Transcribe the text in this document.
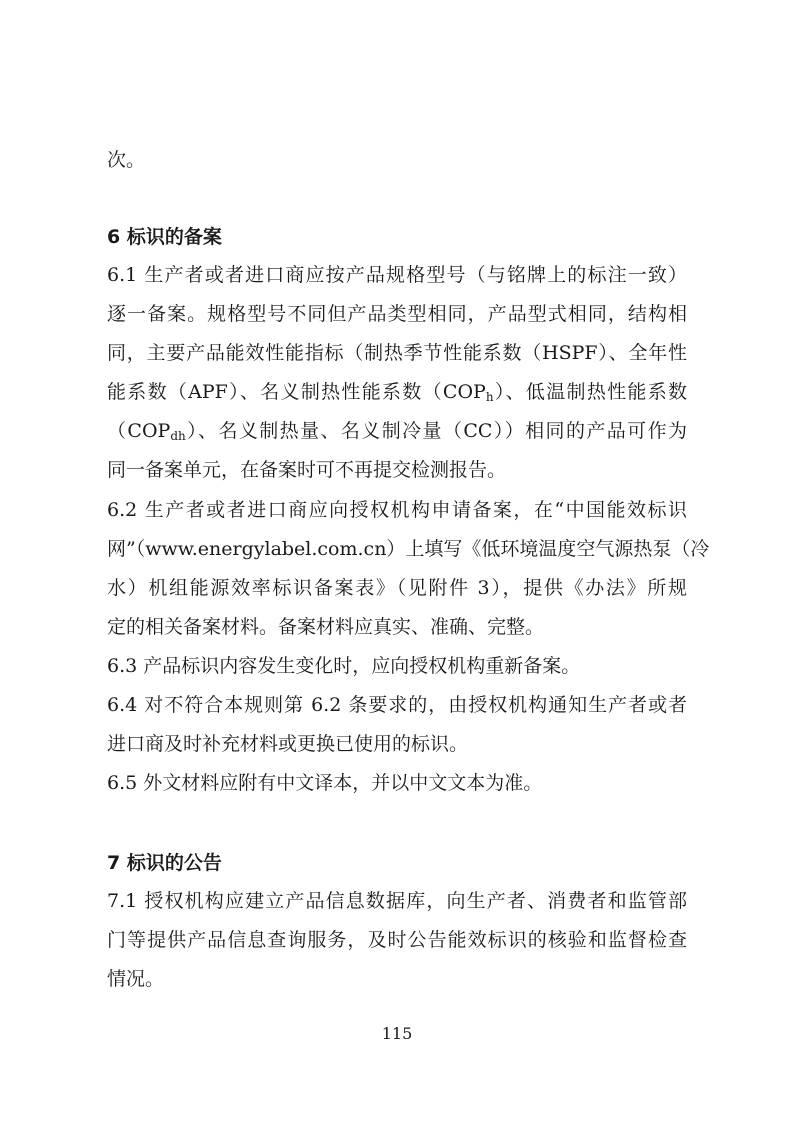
次。
6 标识的备案
6.1 生产者或者进口商应按产品规格型号（与铭牌上的标注一致）
逐一备案。规格型号不同但产品类型相同，产品型式相同，结构相
同，主要产品能效性能指标（制热季节性能系数（HSPF）、全年性
能系数（APF）、名义制热性能系数$(COP_h)$、低温制热性能系数
$(COP_{dh})$、名义制热量、名义制冷量（CC））相同的产品可作为
同一备案单元，在备案时可不再提交检测报告。
6.2 生产者或者进口商应向授权机构申请备案，在“中国能效标识
网”（www.energylabel.com.cn）上填写《低环境温度空气源热泵（冷
水）机组能源效率标识备案表》（见附件 3），提供《办法》所规
定的相关备案材料。备案材料应真实、准确、完整。
6.3 产品标识内容发生变化时，应向授权机构重新备案。
6.4 对不符合本规则第 6.2 条要求的，由授权机构通知生产者或者
进口商及时补充材料或更换已使用的标识。
6.5 外文材料应附有中文译本，并以中文文本为准。
7 标识的公告
7.1 授权机构应建立产品信息数据库，向生产者、消费者和监管部
门等提供产品信息查询服务，及时公告能效标识的核验和监督检查
情况。
115
